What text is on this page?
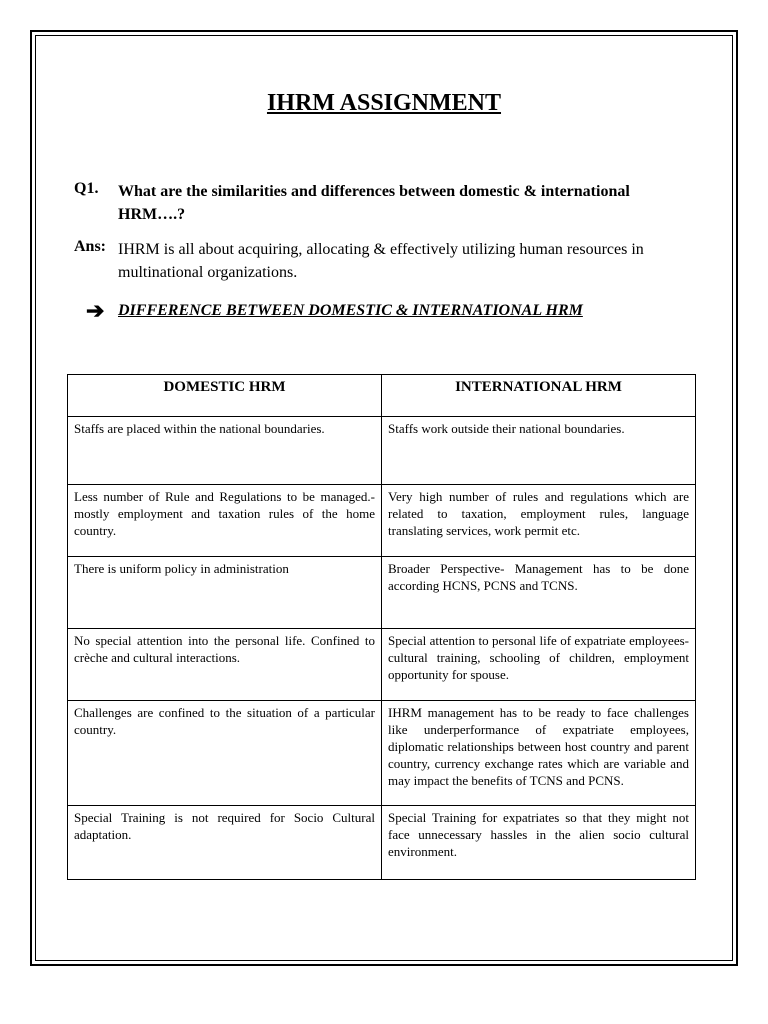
IHRM ASSIGNMENT
Q1. What are the similarities and differences between domestic & international HRM….?
Ans: IHRM is all about acquiring, allocating & effectively utilizing human resources in multinational organizations.
➔ DIFFERENCE BETWEEN DOMESTIC & INTERNATIONAL HRM
DOMESTIC HRM	INTERNATIONAL HRM
Staffs are placed within the national boundaries.	Staffs work outside their national boundaries.
Less number of Rule and Regulations to be managed.- mostly employment and taxation rules of the home country.	Very high number of rules and regulations which are related to taxation, employment rules, language translating services, work permit etc.
There is uniform policy in administration	Broader Perspective- Management has to be done according HCNS, PCNS and TCNS.
No special attention into the personal life. Confined to crèche and cultural interactions.	Special attention to personal life of expatriate employees- cultural training, schooling of children, employment opportunity for spouse.
Challenges are confined to the situation of a particular country.	IHRM management has to be ready to face challenges like underperformance of expatriate employees, diplomatic relationships between host country and parent country, currency exchange rates which are variable and may impact the benefits of TCNS and PCNS.
Special Training is not required for Socio Cultural adaptation.	Special Training for expatriates so that they might not face unnecessary hassles in the alien socio cultural environment.
